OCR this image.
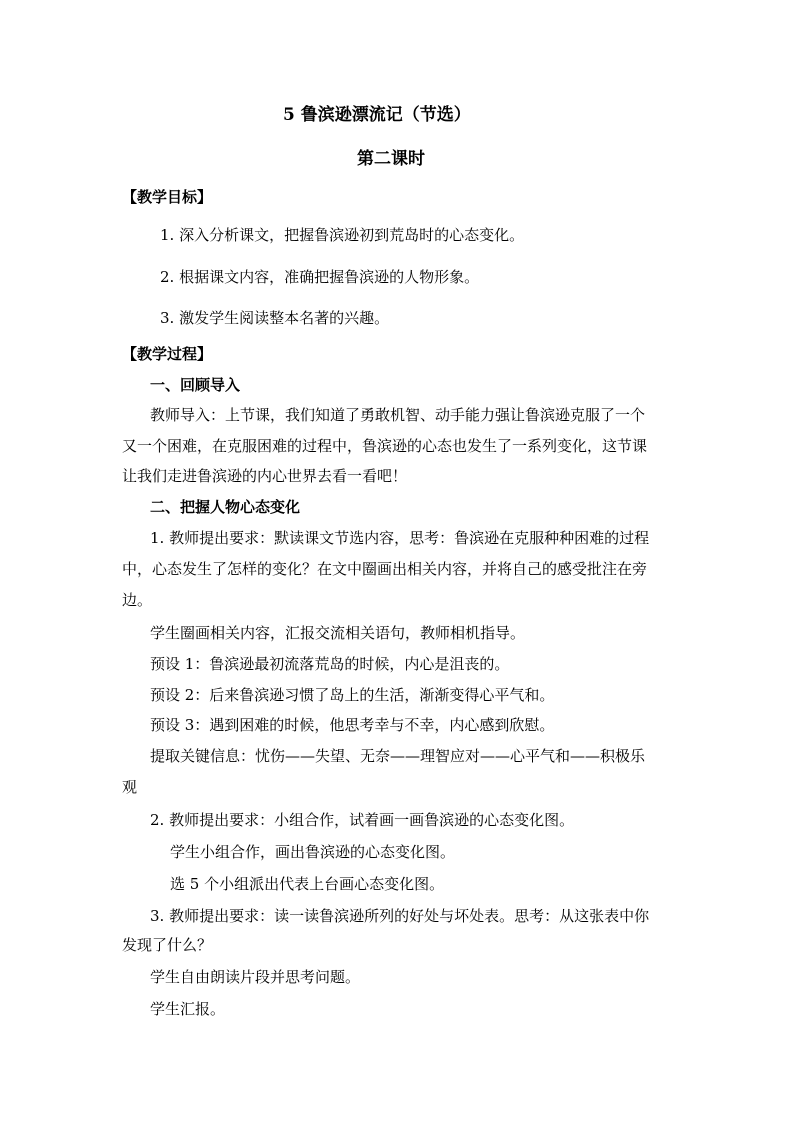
5 鲁滨逊漂流记（节选）

第二课时

【教学目标】

1. 深入分析课文，把握鲁滨逊初到荒岛时的心态变化。

2. 根据课文内容，准确把握鲁滨逊的人物形象。

3. 激发学生阅读整本名著的兴趣。

【教学过程】

一、回顾导入

教师导入：上节课，我们知道了勇敢机智、动手能力强让鲁滨逊克服了一个

又一个困难，在克服困难的过程中，鲁滨逊的心态也发生了一系列变化，这节课

让我们走进鲁滨逊的内心世界去看一看吧！

二、把握人物心态变化

1. 教师提出要求：默读课文节选内容，思考：鲁滨逊在克服种种困难的过程

中，心态发生了怎样的变化？在文中圈画出相关内容，并将自己的感受批注在旁

边。

学生圈画相关内容，汇报交流相关语句，教师相机指导。

预设 1：鲁滨逊最初流落荒岛的时候，内心是沮丧的。

预设 2：后来鲁滨逊习惯了岛上的生活，渐渐变得心平气和。

预设 3：遇到困难的时候，他思考幸与不幸，内心感到欣慰。

提取关键信息：忧伤——失望、无奈——理智应对——心平气和——积极乐

观

2. 教师提出要求：小组合作，试着画一画鲁滨逊的心态变化图。

学生小组合作，画出鲁滨逊的心态变化图。

选 5 个小组派出代表上台画心态变化图。

3. 教师提出要求：读一读鲁滨逊所列的好处与坏处表。思考：从这张表中你

发现了什么？

学生自由朗读片段并思考问题。

学生汇报。
